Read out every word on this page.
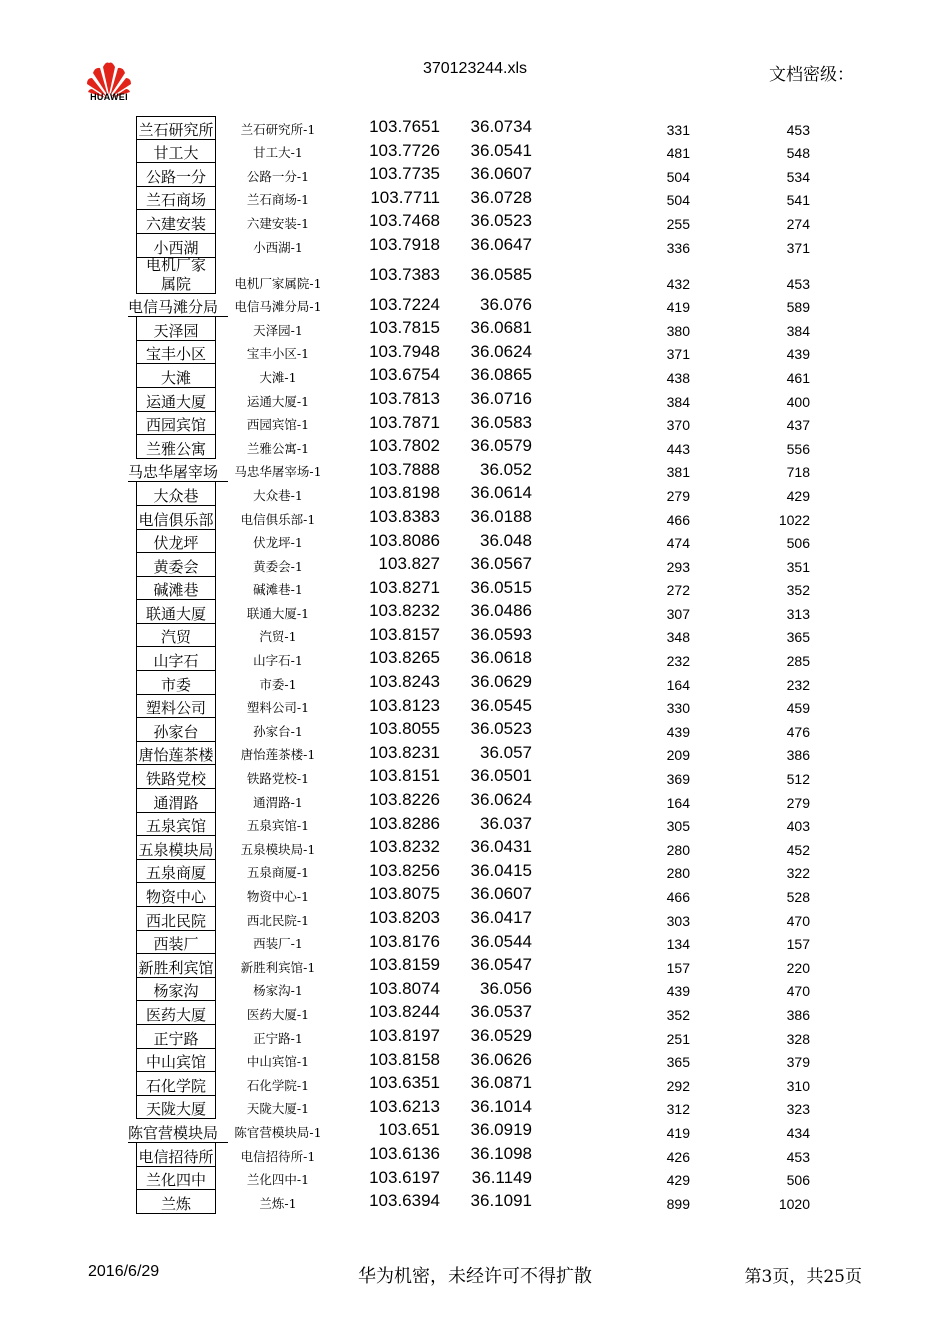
HUAWEI
370123244.xls	文档密级：
兰石研究所	兰石研究所-1	103.7651	36.0734	331	453
甘工大	甘工大-1	103.7726	36.0541	481	548
公路一分	公路一分-1	103.7735	36.0607	504	534
兰石商场	兰石商场-1	103.7711	36.0728	504	541
六建安装	六建安装-1	103.7468	36.0523	255	274
小西湖	小西湖-1	103.7918	36.0647	336	371
电机厂家属院	电机厂家属院-1	103.7383	36.0585	432	453
电信马滩分局	电信马滩分局-1	103.7224	36.076	419	589
天泽园	天泽园-1	103.7815	36.0681	380	384
宝丰小区	宝丰小区-1	103.7948	36.0624	371	439
大滩	大滩-1	103.6754	36.0865	438	461
运通大厦	运通大厦-1	103.7813	36.0716	384	400
西园宾馆	西园宾馆-1	103.7871	36.0583	370	437
兰雅公寓	兰雅公寓-1	103.7802	36.0579	443	556
马忠华屠宰场	马忠华屠宰场-1	103.7888	36.052	381	718
大众巷	大众巷-1	103.8198	36.0614	279	429
电信俱乐部	电信俱乐部-1	103.8383	36.0188	466	1022
伏龙坪	伏龙坪-1	103.8086	36.048	474	506
黄委会	黄委会-1	103.827	36.0567	293	351
碱滩巷	碱滩巷-1	103.8271	36.0515	272	352
联通大厦	联通大厦-1	103.8232	36.0486	307	313
汽贸	汽贸-1	103.8157	36.0593	348	365
山字石	山字石-1	103.8265	36.0618	232	285
市委	市委-1	103.8243	36.0629	164	232
塑料公司	塑料公司-1	103.8123	36.0545	330	459
孙家台	孙家台-1	103.8055	36.0523	439	476
唐怡莲茶楼	唐怡莲茶楼-1	103.8231	36.057	209	386
铁路党校	铁路党校-1	103.8151	36.0501	369	512
通渭路	通渭路-1	103.8226	36.0624	164	279
五泉宾馆	五泉宾馆-1	103.8286	36.037	305	403
五泉模块局	五泉模块局-1	103.8232	36.0431	280	452
五泉商厦	五泉商厦-1	103.8256	36.0415	280	322
物资中心	物资中心-1	103.8075	36.0607	466	528
西北民院	西北民院-1	103.8203	36.0417	303	470
西装厂	西装厂-1	103.8176	36.0544	134	157
新胜利宾馆	新胜利宾馆-1	103.8159	36.0547	157	220
杨家沟	杨家沟-1	103.8074	36.056	439	470
医药大厦	医药大厦-1	103.8244	36.0537	352	386
正宁路	正宁路-1	103.8197	36.0529	251	328
中山宾馆	中山宾馆-1	103.8158	36.0626	365	379
石化学院	石化学院-1	103.6351	36.0871	292	310
天陇大厦	天陇大厦-1	103.6213	36.1014	312	323
陈官营模块局	陈官营模块局-1	103.651	36.0919	419	434
电信招待所	电信招待所-1	103.6136	36.1098	426	453
兰化四中	兰化四中-1	103.6197	36.1149	429	506
兰炼	兰炼-1	103.6394	36.1091	899	1020
2016/6/29	华为机密，未经许可不得扩散	第3页，共25页
